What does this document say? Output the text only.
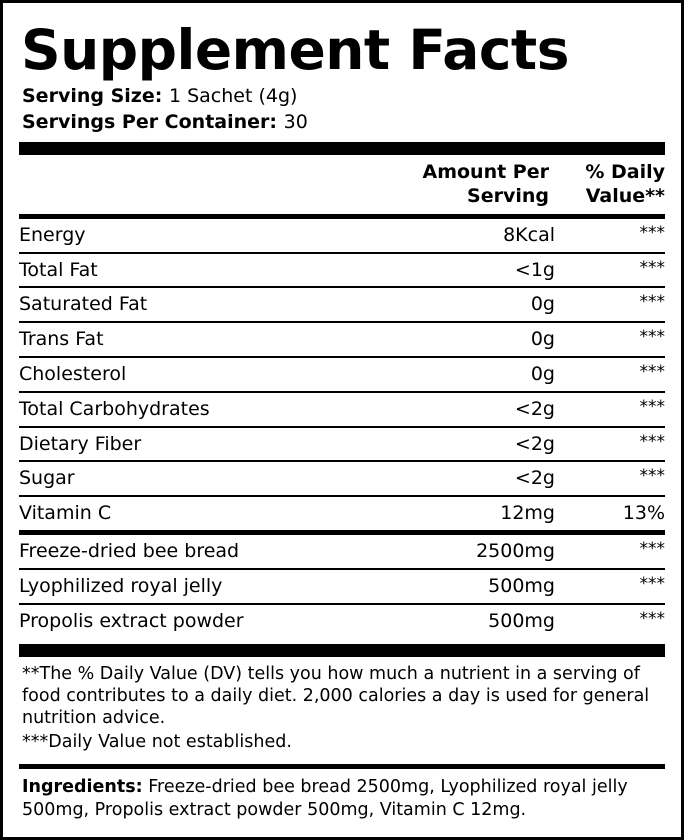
Supplement Facts
Serving Size: 1 Sachet (4g)
Servings Per Container: 30
Amount Per
Serving
% Daily
Value**
Energy	8Kcal	***
Total Fat	<1g	***
Saturated Fat	0g	***
Trans Fat	0g	***
Cholesterol	0g	***
Total Carbohydrates	<2g	***
Dietary Fiber	<2g	***
Sugar	<2g	***
Vitamin C	12mg	13%
Freeze-dried bee bread	2500mg	***
Lyophilized royal jelly	500mg	***
Propolis extract powder	500mg	***

**The % Daily Value (DV) tells you how much a nutrient in a serving of food contributes to a daily diet. 2,000 calories a day is used for general nutrition advice.

***Daily Value not established.

Ingredients: Freeze-dried bee bread 2500mg, Lyophilized royal jelly 500mg, Propolis extract powder 500mg, Vitamin C 12mg.
